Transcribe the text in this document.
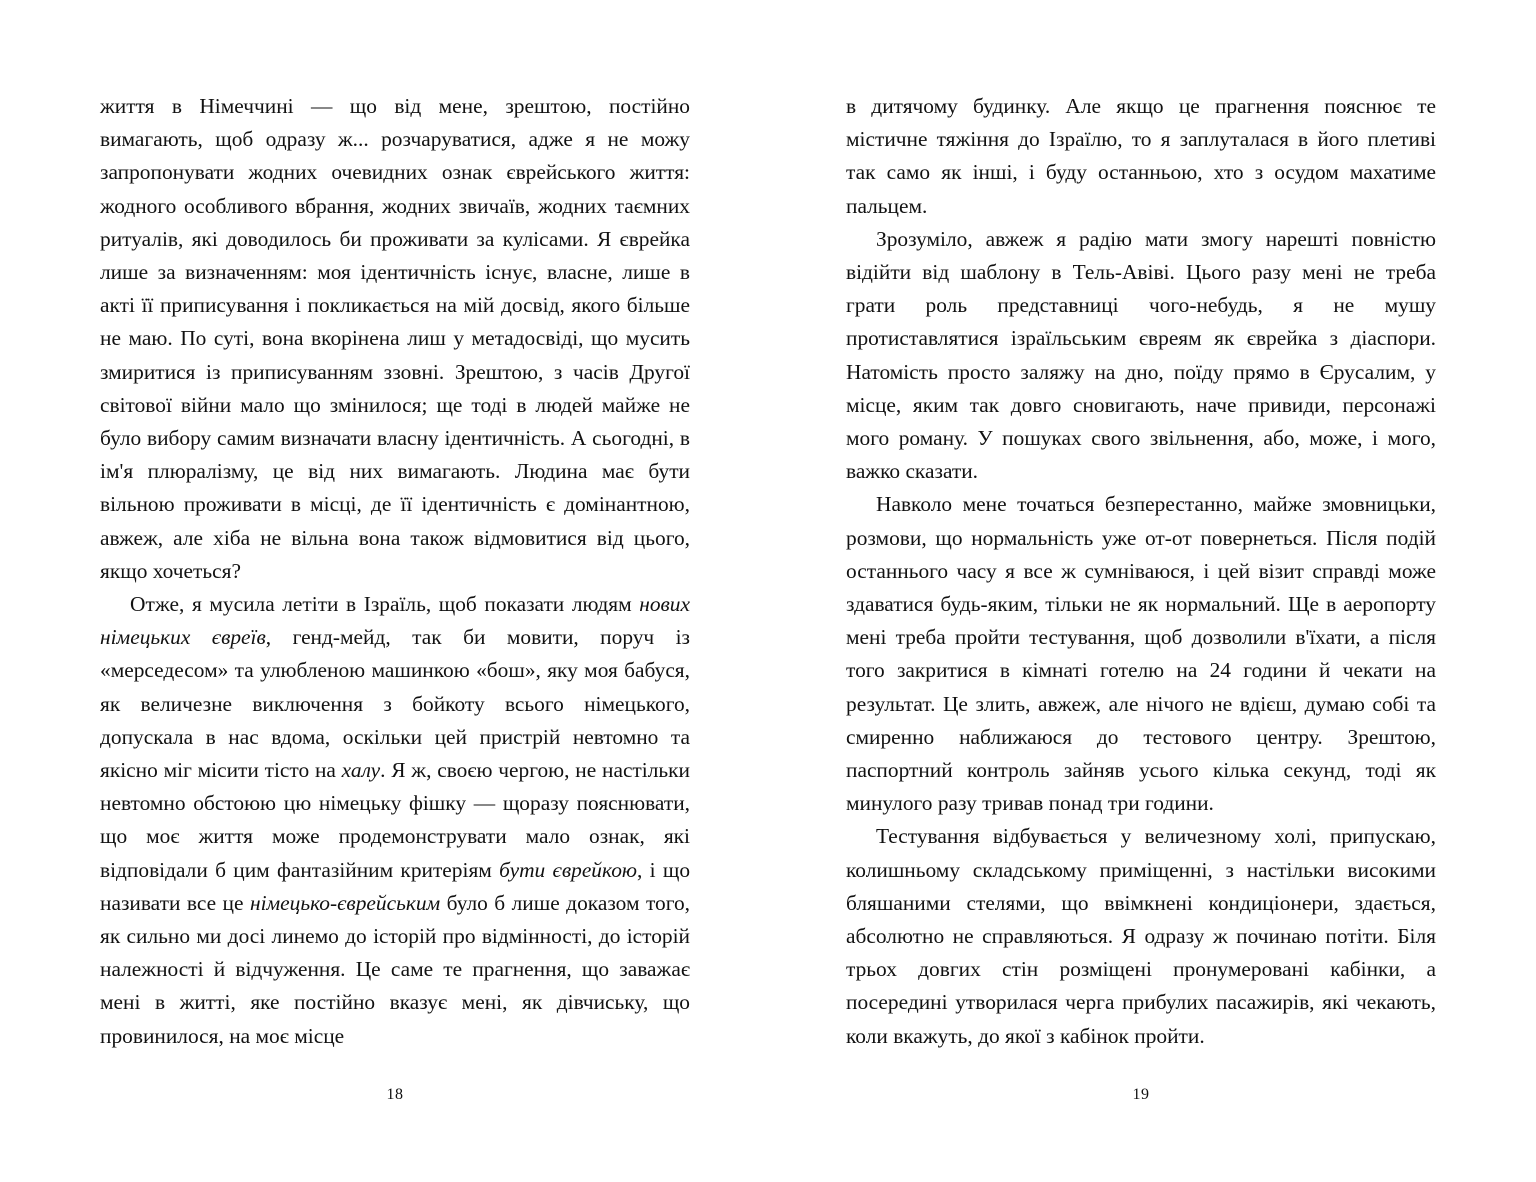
життя в Німеччині — що від мене, зрештою, постійно вимагають, щоб одразу ж... розчаруватися, адже я не можу запропонувати жодних очевидних ознак єврейського життя: жодного особливого вбрання, жодних звичаїв, жодних таємних ритуалів, які доводилось би проживати за кулісами. Я єврейка лише за визначенням: моя ідентичність існує, власне, лише в акті її приписування і покликається на мій досвід, якого більше не маю. По суті, вона вкорінена лиш у метадосвіді, що мусить змиритися із приписуванням ззовні. Зрештою, з часів Другої світової війни мало що змінилося; ще тоді в людей майже не було вибору самим визначати власну ідентичність. А сьогодні, в ім'я плюралізму, це від них вимагають. Людина має бути вільною проживати в місці, де її ідентичність є домінантною, авжеж, але хіба не вільна вона також відмовитися від цього, якщо хочеться?

Отже, я мусила летіти в Ізраїль, щоб показати людям нових німецьких євреїв, генд-мейд, так би мовити, поруч із «мерседесом» та улюбленою машинкою «бош», яку моя бабуся, як величезне виключення з бойкоту всього німецького, допускала в нас вдома, оскільки цей пристрій невтомно та якісно міг місити тісто на халу. Я ж, своєю чергою, не настільки невтомно обстоюю цю німецьку фішку — щоразу пояснювати, що моє життя може продемонструвати мало ознак, які відповідали б цим фантазійним критеріям бути єврейкою, і що називати все це німецько-єврейським було б лише доказом того, як сильно ми досі линемо до історій про відмінності, до історій належності й відчуження. Це саме те прагнення, що заважає мені в житті, яке постійно вказує мені, як дівчиську, що провинилося, на моє місце

18

в дитячому будинку. Але якщо це прагнення пояснює те містичне тяжіння до Ізраїлю, то я заплуталася в його плетиві так само як інші, і буду останньою, хто з осудом махатиме пальцем.

Зрозуміло, авжеж я радію мати змогу нарешті повністю відійти від шаблону в Тель-Авіві. Цього разу мені не треба грати роль представниці чого-небудь, я не мушу протиставлятися ізраїльським євреям як єврейка з діаспори. Натомість просто заляжу на дно, поїду прямо в Єрусалим, у місце, яким так довго сновигають, наче привиди, персонажі мого роману. У пошуках свого звільнення, або, може, і мого, важко сказати.

Навколо мене точаться безперестанно, майже змовницьки, розмови, що нормальність уже от-от повернеться. Після подій останнього часу я все ж сумніваюся, і цей візит справді може здаватися будь-яким, тільки не як нормальний. Ще в аеропорту мені треба пройти тестування, щоб дозволили в'їхати, а після того закритися в кімнаті готелю на 24 години й чекати на результат. Це злить, авжеж, але нічого не вдієш, думаю собі та смиренно наближаюся до тестового центру. Зрештою, паспортний контроль зайняв усього кілька секунд, тоді як минулого разу тривав понад три години.

Тестування відбувається у величезному холі, припускаю, колишньому складському приміщенні, з настільки високими бляшаними стелями, що ввімкнені кондиціонери, здається, абсолютно не справляються. Я одразу ж починаю потіти. Біля трьох довгих стін розміщені пронумеровані кабінки, а посередині утворилася черга прибулих пасажирів, які чекають, коли вкажуть, до якої з кабінок пройти.

19
